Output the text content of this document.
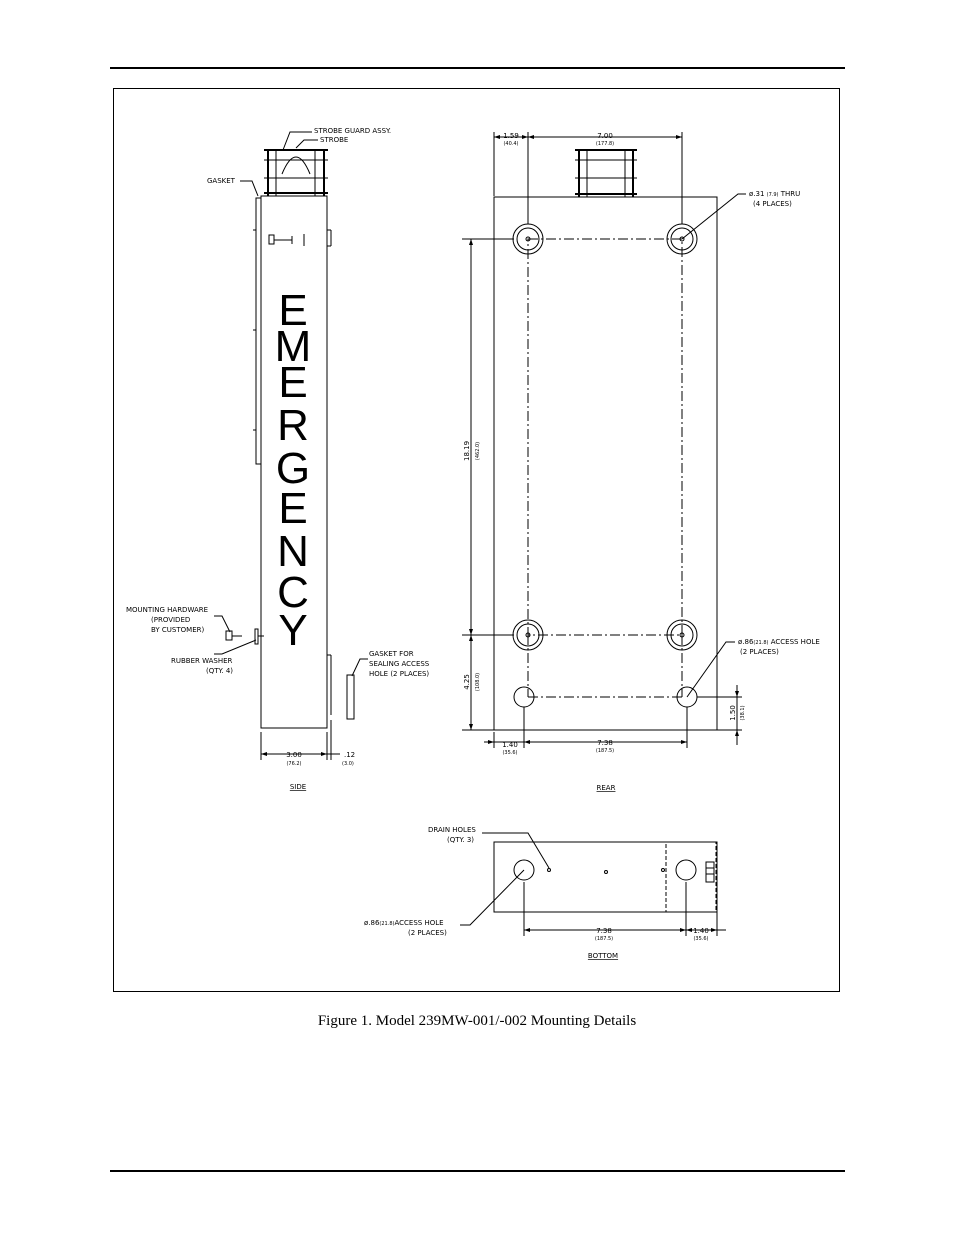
STROBE GUARD ASSY.
STROBE
GASKET
E
M
E
R
G
E
N
C
Y
MOUNTING HARDWARE
(PROVIDED
BY CUSTOMER)
RUBBER WASHER
(QTY. 4)
GASKET FOR
SEALING ACCESS
HOLE (2 PLACES)
3.00
(76.2)
.12
(3.0)
SIDE
1.59
(40.4)
7.00
(177.8)
ø.31 (7.9) THRU
(4 PLACES)
ø.86(21.8) ACCESS HOLE
(2 PLACES)
18.19 (462.0)
4.25 (108.0)
1.50 (38.1)
1.40
(35.6)
7.38
(187.5)
REAR
DRAIN HOLES
(QTY. 3)
ø.86(21.8)ACCESS HOLE
(2 PLACES)	7.38
(187.5)
1.40
(35.6)
BOTTOM
Figure 1. Model 239MW-001/-002 Mounting Details
